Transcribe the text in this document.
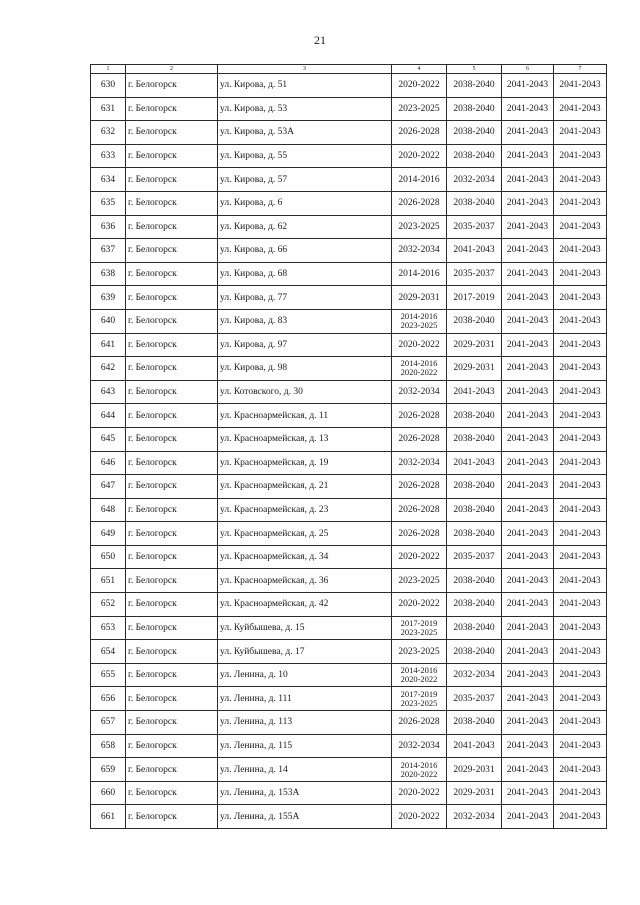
21
1	2	3	4	5	6	7
630	г. Белогорск	ул. Кирова, д. 51	2020-2022	2038-2040	2041-2043	2041-2043
631	г. Белогорск	ул. Кирова, д. 53	2023-2025	2038-2040	2041-2043	2041-2043
632	г. Белогорск	ул. Кирова, д. 53А	2026-2028	2038-2040	2041-2043	2041-2043
633	г. Белогорск	ул. Кирова, д. 55	2020-2022	2038-2040	2041-2043	2041-2043
634	г. Белогорск	ул. Кирова, д. 57	2014-2016	2032-2034	2041-2043	2041-2043
635	г. Белогорск	ул. Кирова, д. 6	2026-2028	2038-2040	2041-2043	2041-2043
636	г. Белогорск	ул. Кирова, д. 62	2023-2025	2035-2037	2041-2043	2041-2043
637	г. Белогорск	ул. Кирова, д. 66	2032-2034	2041-2043	2041-2043	2041-2043
638	г. Белогорск	ул. Кирова, д. 68	2014-2016	2035-2037	2041-2043	2041-2043
639	г. Белогорск	ул. Кирова, д. 77	2029-2031	2017-2019	2041-2043	2041-2043
640	г. Белогорск	ул. Кирова, д. 83	2014-2016
2023-2025	2038-2040	2041-2043	2041-2043
641	г. Белогорск	ул. Кирова, д. 97	2020-2022	2029-2031	2041-2043	2041-2043
642	г. Белогорск	ул. Кирова, д. 98	2014-2016
2020-2022	2029-2031	2041-2043	2041-2043
643	г. Белогорск	ул. Котовского, д. 30	2032-2034	2041-2043	2041-2043	2041-2043
644	г. Белогорск	ул. Красноармейская, д. 11	2026-2028	2038-2040	2041-2043	2041-2043
645	г. Белогорск	ул. Красноармейская, д. 13	2026-2028	2038-2040	2041-2043	2041-2043
646	г. Белогорск	ул. Красноармейская, д. 19	2032-2034	2041-2043	2041-2043	2041-2043
647	г. Белогорск	ул. Красноармейская, д. 21	2026-2028	2038-2040	2041-2043	2041-2043
648	г. Белогорск	ул. Красноармейская, д. 23	2026-2028	2038-2040	2041-2043	2041-2043
649	г. Белогорск	ул. Красноармейская, д. 25	2026-2028	2038-2040	2041-2043	2041-2043
650	г. Белогорск	ул. Красноармейская, д. 34	2020-2022	2035-2037	2041-2043	2041-2043
651	г. Белогорск	ул. Красноармейская, д. 36	2023-2025	2038-2040	2041-2043	2041-2043
652	г. Белогорск	ул. Красноармейская, д. 42	2020-2022	2038-2040	2041-2043	2041-2043
653	г. Белогорск	ул. Куйбышева, д. 15	2017-2019
2023-2025	2038-2040	2041-2043	2041-2043
654	г. Белогорск	ул. Куйбышева, д. 17	2023-2025	2038-2040	2041-2043	2041-2043
655	г. Белогорск	ул. Ленина, д. 10	2014-2016
2020-2022	2032-2034	2041-2043	2041-2043
656	г. Белогорск	ул. Ленина, д. 111	2017-2019
2023-2025	2035-2037	2041-2043	2041-2043
657	г. Белогорск	ул. Ленина, д. 113	2026-2028	2038-2040	2041-2043	2041-2043
658	г. Белогорск	ул. Ленина, д. 115	2032-2034	2041-2043	2041-2043	2041-2043
659	г. Белогорск	ул. Ленина, д. 14	2014-2016
2020-2022	2029-2031	2041-2043	2041-2043
660	г. Белогорск	ул. Ленина, д. 153А	2020-2022	2029-2031	2041-2043	2041-2043
661	г. Белогорск	ул. Ленина, д. 155А	2020-2022	2032-2034	2041-2043	2041-2043
